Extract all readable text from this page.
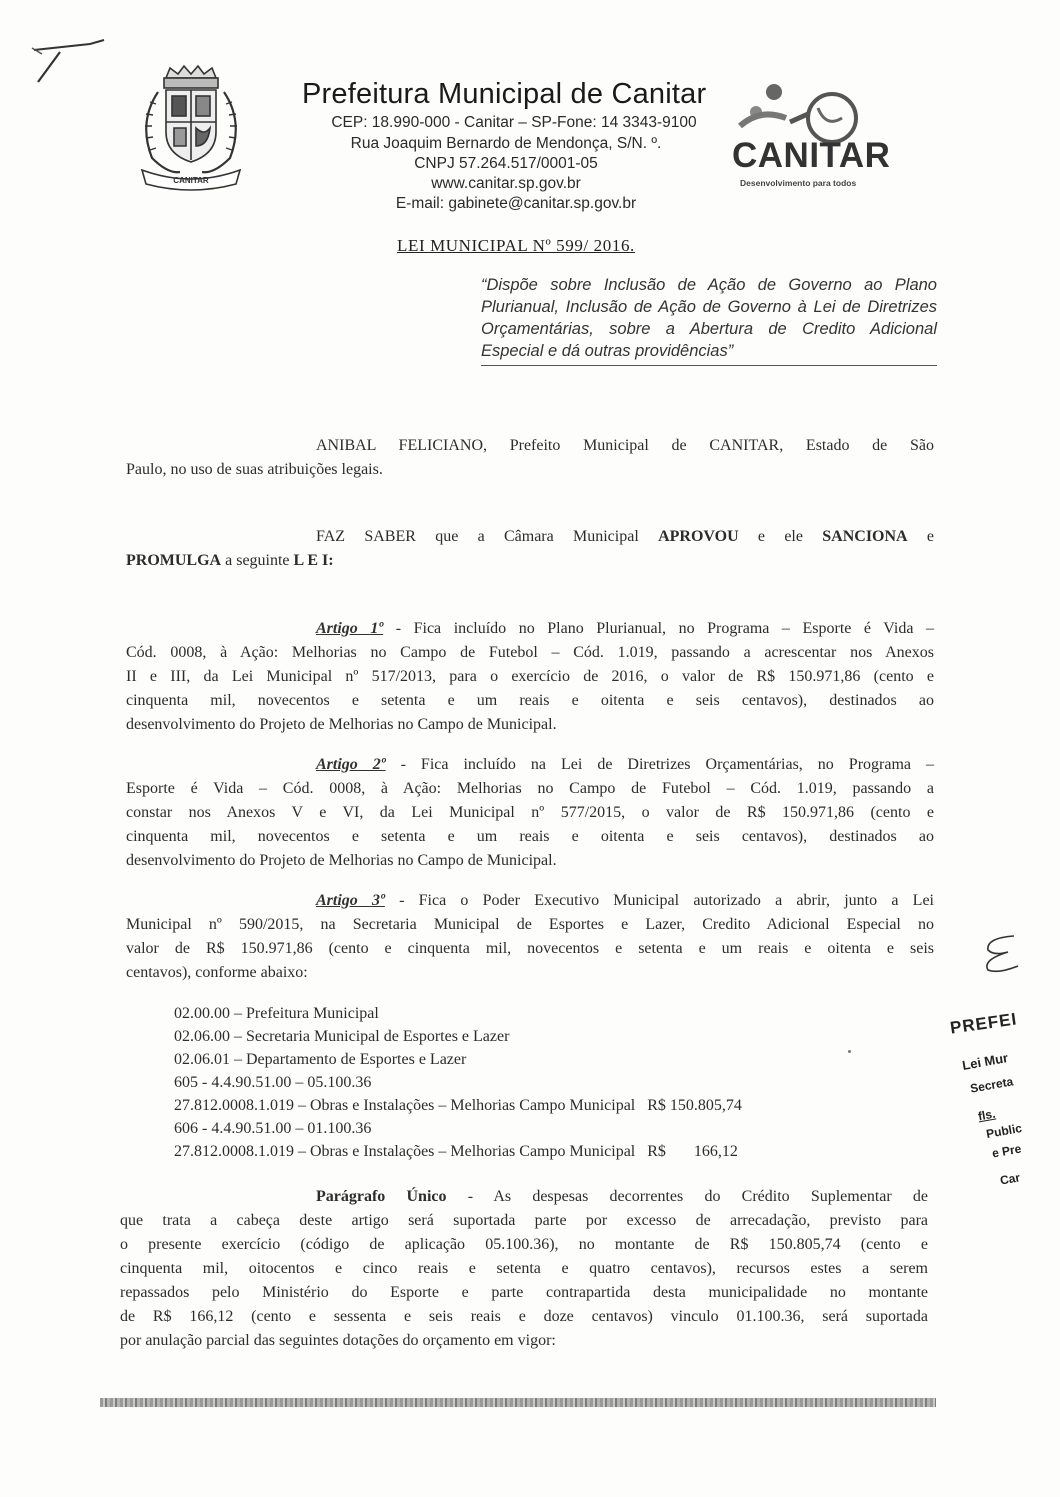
CANITAR
Prefeitura Municipal de Canitar
CEP: 18.990-000 - Canitar – SP-Fone: 14 3343-9100
Rua Joaquim Bernardo de Mendonça, S/N. º.
CNPJ 57.264.517/0001-05
www.canitar.sp.gov.br
E-mail: gabinete@canitar.sp.gov.br
CANITAR
Desenvolvimento para todos
LEI MUNICIPAL Nº 599/ 2016.
“Dispõe sobre Inclusão de Ação de Governo ao Plano Plurianual, Inclusão de Ação de Governo à Lei de Diretrizes Orçamentárias, sobre a Abertura de Credito Adicional Especial e dá outras providências”
ANIBAL FELICIANO, Prefeito Municipal de CANITAR, Estado de São
Paulo, no uso de suas atribuições legais.
FAZ SABER que a Câmara Municipal APROVOU e ele SANCIONA e
PROMULGA a seguinte L E I:
Artigo 1º - Fica incluído no Plano Plurianual, no Programa – Esporte é Vida –
Cód. 0008, à Ação: Melhorias no Campo de Futebol – Cód. 1.019, passando a acrescentar nos Anexos
II e III, da Lei Municipal nº 517/2013, para o exercício de 2016, o valor de R$ 150.971,86 (cento e
cinquenta mil, novecentos e setenta e um reais e oitenta e seis centavos), destinados ao
desenvolvimento do Projeto de Melhorias no Campo de Municipal.
Artigo 2º - Fica incluído na Lei de Diretrizes Orçamentárias, no Programa –
Esporte é Vida – Cód. 0008, à Ação: Melhorias no Campo de Futebol – Cód. 1.019, passando a
constar nos Anexos V e VI, da Lei Municipal nº 577/2015, o valor de R$ 150.971,86 (cento e
cinquenta mil, novecentos e setenta e um reais e oitenta e seis centavos), destinados ao
desenvolvimento do Projeto de Melhorias no Campo de Municipal.
Artigo 3º - Fica o Poder Executivo Municipal autorizado a abrir, junto a Lei
Municipal nº 590/2015, na Secretaria Municipal de Esportes e Lazer, Credito Adicional Especial no
valor de R$ 150.971,86 (cento e cinquenta mil, novecentos e setenta e um reais e oitenta e seis
centavos), conforme abaixo:
02.00.00 – Prefeitura Municipal
02.06.00 – Secretaria Municipal de Esportes e Lazer
02.06.01 – Departamento de Esportes e Lazer
605 - 4.4.90.51.00 – 05.100.36
27.812.0008.1.019 – Obras e Instalações – Melhorias Campo Municipal   R$ 150.805,74
606 - 4.4.90.51.00 – 01.100.36
27.812.0008.1.019 – Obras e Instalações – Melhorias Campo Municipal   R$       166,12
Parágrafo Único - As despesas decorrentes do Crédito Suplementar de
que trata a cabeça deste artigo será suportada parte por excesso de arrecadação, previsto para
o presente exercício (código de aplicação 05.100.36), no montante de R$ 150.805,74 (cento e
cinquenta mil, oitocentos e cinco reais e setenta e quatro centavos), recursos estes a serem
repassados pelo Ministério do Esporte e parte contrapartida desta municipalidade no montante
de R$ 166,12 (cento e sessenta e seis reais e doze centavos) vinculo 01.100.36, será suportada
por anulação parcial das seguintes dotações do orçamento em vigor:
PREFEI
Lei Mur
Secreta
fls.
Public
e Pre
Car
